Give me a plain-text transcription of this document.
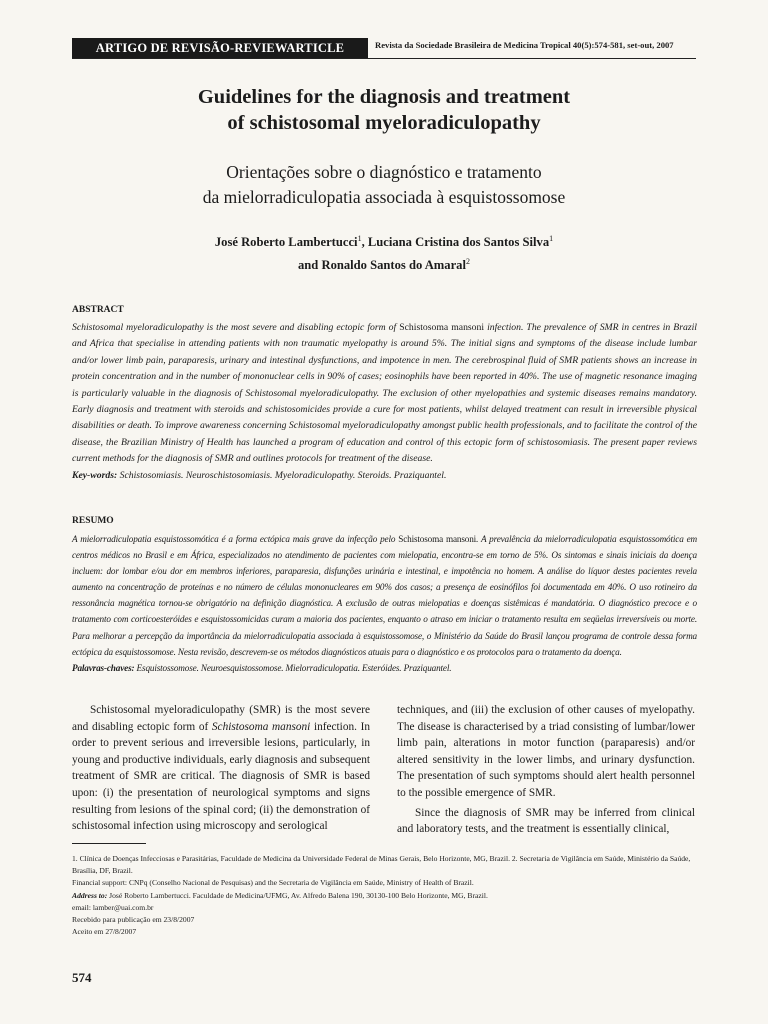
ARTIGO DE REVISÃO-REVIEWARTICLE	Revista da Sociedade Brasileira de Medicina Tropical 40(5):574-581, set-out, 2007
Guidelines for the diagnosis and treatment
of schistosomal myeloradiculopathy
Orientações sobre o diagnóstico e tratamento
da mielorradiculopatia associada à esquistossomose
José Roberto Lambertucci$^1$, Luciana Cristina dos Santos Silva$^1$
and Ronaldo Santos do Amaral$^2$
ABSTRACT
Schistosomal myeloradiculopathy is the most severe and disabling ectopic form of Schistosoma mansoni infection. The prevalence of SMR in centres in Brazil and Africa that specialise in attending patients with non traumatic myelopathy is around 5%. The initial signs and symptoms of the disease include lumbar and/or lower limb pain, paraparesis, urinary and intestinal dysfunctions, and impotence in men. The cerebrospinal fluid of SMR patients shows an increase in protein concentration and in the number of mononuclear cells in 90% of cases; eosinophils have been reported in 40%. The use of magnetic resonance imaging is particularly valuable in the diagnosis of Schistosomal myeloradiculopathy. The exclusion of other myelopathies and systemic diseases remains mandatory. Early diagnosis and treatment with steroids and schistosomicides provide a cure for most patients, whilst delayed treatment can result in irreversible physical disabilities or death. To improve awareness concerning Schistosomal myeloradiculopathy amongst public health professionals, and to facilitate the control of the disease, the Brazilian Ministry of Health has launched a program of education and control of this ectopic form of schistosomiasis. The present paper reviews current methods for the diagnosis of SMR and outlines protocols for treatment of the disease.
Key-words: Schistosomiasis. Neuroschistosomiasis. Myeloradiculopathy. Steroids. Praziquantel.
RESUMO
A mielorradiculopatia esquistossomótica é a forma ectópica mais grave da infecção pelo Schistosoma mansoni. A prevalência da mielorradiculopatia esquistossomótica em centros médicos no Brasil e em África, especializados no atendimento de pacientes com mielopatia, encontra-se em torno de 5%. Os sintomas e sinais iniciais da doença incluem: dor lombar e/ou dor em membros inferiores, paraparesia, disfunções urinária e intestinal, e impotência no homem. A análise do líquor destes pacientes revela aumento na concentração de proteínas e no número de células mononucleares em 90% dos casos; a presença de eosinófilos foi documentada em 40%. O uso rotineiro da ressonância magnética tornou-se obrigatório na definição diagnóstica. A exclusão de outras mielopatias e doenças sistêmicas é mandatória. O diagnóstico precoce e o tratamento com corticoesteróides e esquistossomicidas curam a maioria dos pacientes, enquanto o atraso em iniciar o tratamento resulta em seqüelas irreversíveis ou morte. Para melhorar a percepção da importância da mielorradiculopatia associada à esquistossomose, o Ministério da Saúde do Brasil lançou programa de controle dessa forma ectópica da esquistossomose. Nesta revisão, descrevem-se os métodos diagnósticos atuais para o diagnóstico e os protocolos para o tratamento da doença.
Palavras-chaves: Esquistossomose. Neuroesquistossomose. Mielorradiculopatia. Esteróides. Praziquantel.

Schistosomal myeloradiculopathy (SMR) is the most severe and disabling ectopic form of Schistosoma mansoni infection. In order to prevent serious and irreversible lesions, particularly, in young and productive individuals, early diagnosis and subsequent treatment of SMR are critical. The diagnosis of SMR is based upon: (i) the presentation of neurological symptoms and signs resulting from lesions of the spinal cord; (ii) the demonstration of schistosomal infection using microscopy and serological

techniques, and (iii) the exclusion of other causes of myelopathy. The disease is characterised by a triad consisting of lumbar/lower limb pain, alterations in motor function (paraparesis) and/or altered sensitivity in the lower limbs, and urinary dysfunction. The presentation of such symptoms should alert health personnel to the possible emergence of SMR.

Since the diagnosis of SMR may be inferred from clinical and laboratory tests, and the treatment is essentially clinical,

1. Clínica de Doenças Infecciosas e Parasitárias, Faculdade de Medicina da Universidade Federal de Minas Gerais, Belo Horizonte, MG, Brazil. 2. Secretaria de Vigilância em Saúde, Ministério da Saúde, Brasília, DF, Brazil.
Financial support: CNPq (Conselho Nacional de Pesquisas) and the Secretaria de Vigilância em Saúde, Ministry of Health of Brazil.
Address to: José Roberto Lambertucci. Faculdade de Medicina/UFMG, Av. Alfredo Balena 190, 30130-100 Belo Horizonte, MG, Brazil.
email: lamber@uai.com.br
Recebido para publicação em 23/8/2007
Aceito em 27/8/2007
574
